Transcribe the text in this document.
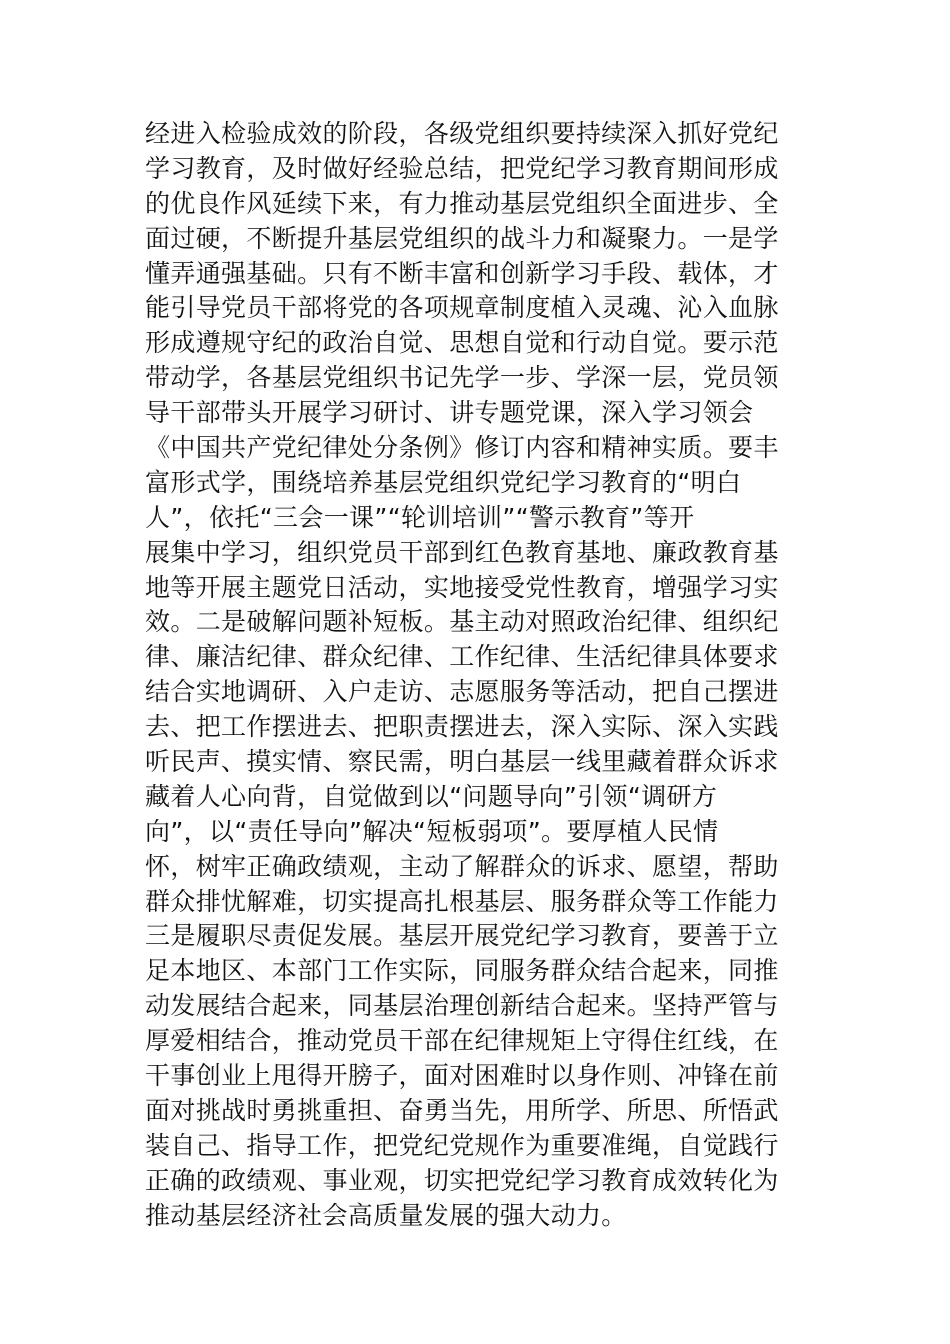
经进入检验成效的阶段，各级党组织要持续深入抓好党纪
学习教育，及时做好经验总结，把党纪学习教育期间形成
的优良作风延续下来，有力推动基层党组织全面进步、全
面过硬，不断提升基层党组织的战斗力和凝聚力。一是学
懂弄通强基础。只有不断丰富和创新学习手段、载体，才
能引导党员干部将党的各项规章制度植入灵魂、沁入血脉
形成遵规守纪的政治自觉、思想自觉和行动自觉。要示范
带动学，各基层党组织书记先学一步、学深一层，党员领
导干部带头开展学习研讨、讲专题党课，深入学习领会
《中国共产党纪律处分条例》修订内容和精神实质。要丰
富形式学，围绕培养基层党组织党纪学习教育的“明白
人”，依托“三会一课”“轮训培训”“警示教育”等开
展集中学习，组织党员干部到红色教育基地、廉政教育基
地等开展主题党日活动，实地接受党性教育，增强学习实
效。二是破解问题补短板。基主动对照政治纪律、组织纪
律、廉洁纪律、群众纪律、工作纪律、生活纪律具体要求
结合实地调研、入户走访、志愿服务等活动，把自己摆进
去、把工作摆进去、把职责摆进去，深入实际、深入实践
听民声、摸实情、察民需，明白基层一线里藏着群众诉求
藏着人心向背，自觉做到以“问题导向”引领“调研方
向”，以“责任导向”解决“短板弱项”。要厚植人民情
怀，树牢正确政绩观，主动了解群众的诉求、愿望，帮助
群众排忧解难，切实提高扎根基层、服务群众等工作能力
三是履职尽责促发展。基层开展党纪学习教育，要善于立
足本地区、本部门工作实际，同服务群众结合起来，同推
动发展结合起来，同基层治理创新结合起来。坚持严管与
厚爱相结合，推动党员干部在纪律规矩上守得住红线，在
干事创业上甩得开膀子，面对困难时以身作则、冲锋在前
面对挑战时勇挑重担、奋勇当先，用所学、所思、所悟武
装自己、指导工作，把党纪党规作为重要准绳，自觉践行
正确的政绩观、事业观，切实把党纪学习教育成效转化为
推动基层经济社会高质量发展的强大动力。
